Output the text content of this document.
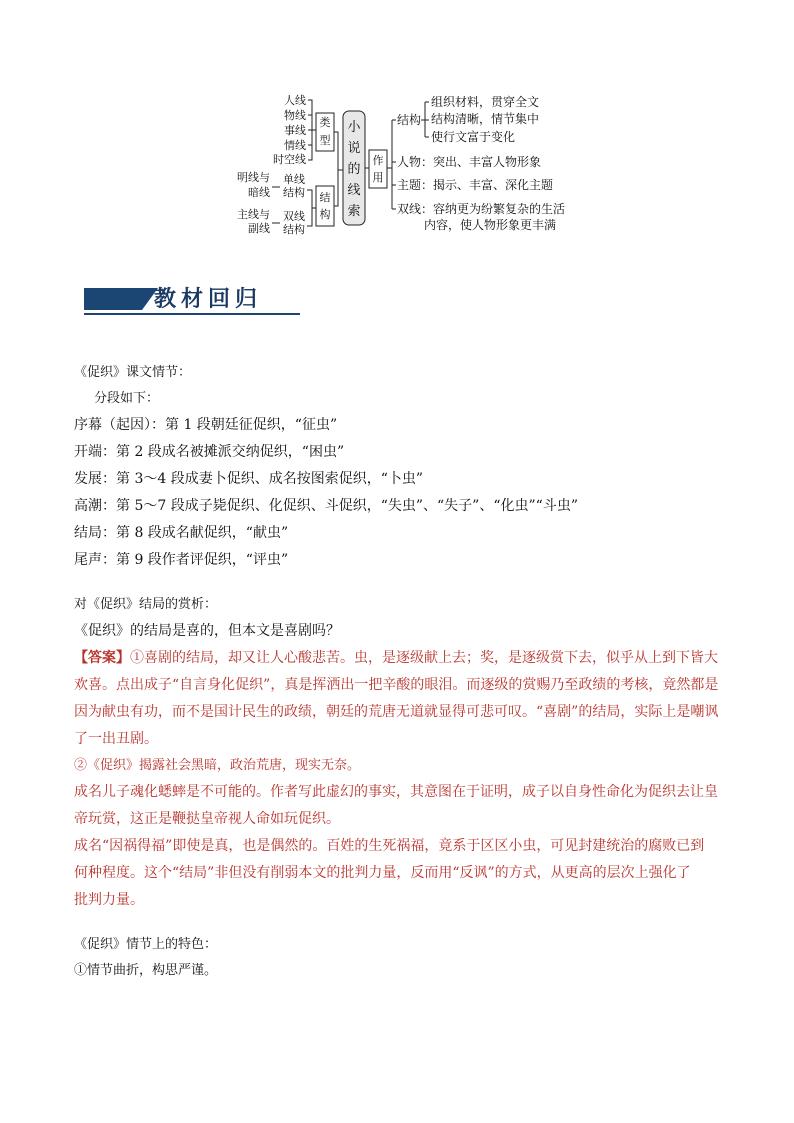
人线
物线
事线
情线
时空线
类
型
明线与
暗线
单线
结构
主线与
副线
双线
结构
结
构
小
说
的
线
索
作
用
结构
组织材料，贯穿全文
结构清晰，情节集中
使行文富于变化
人物：突出、丰富人物形象
主题：揭示、丰富、深化主题
双线：容纳更为纷繁复杂的生活
内容，使人物形象更丰满
教材回归

《促织》课文情节：

分段如下：

序幕（起因）：第 1 段朝廷征促织，“征虫”

开端：第 2 段成名被摊派交纳促织，“困虫”

发展：第 3～4 段成妻卜促织、成名按图索促织，“卜虫”

高潮：第 5～7 段成子毙促织、化促织、斗促织，“失虫”、“失子”、“化虫”“斗虫”

结局：第 8 段成名献促织，“献虫”

尾声：第 9 段作者评促织，“评虫”

对《促织》结局的赏析：

《促织》的结局是喜的，但本文是喜剧吗？

【答案】①喜剧的结局，却又让人心酸悲苦。虫，是逐级献上去；奖，是逐级赏下去，似乎从上到下皆大

欢喜。点出成子“自言身化促织”，真是挥洒出一把辛酸的眼泪。而逐级的赏赐乃至政绩的考核，竟然都是

因为献虫有功，而不是国计民生的政绩，朝廷的荒唐无道就显得可悲可叹。“喜剧”的结局，实际上是嘲讽

了一出丑剧。

②《促织》揭露社会黑暗，政治荒唐，现实无奈。

成名儿子魂化蟋蟀是不可能的。作者写此虚幻的事实，其意图在于证明，成子以自身性命化为促织去让皇

帝玩赏，这正是鞭挞皇帝视人命如玩促织。

成名“因祸得福”即使是真，也是偶然的。百姓的生死祸福，竟系于区区小虫，可见封建统治的腐败已到

何种程度。这个“结局”非但没有削弱本文的批判力量，反而用“反讽”的方式，从更高的层次上强化了

批判力量。

《促织》情节上的特色：

①情节曲折，构思严谨。
